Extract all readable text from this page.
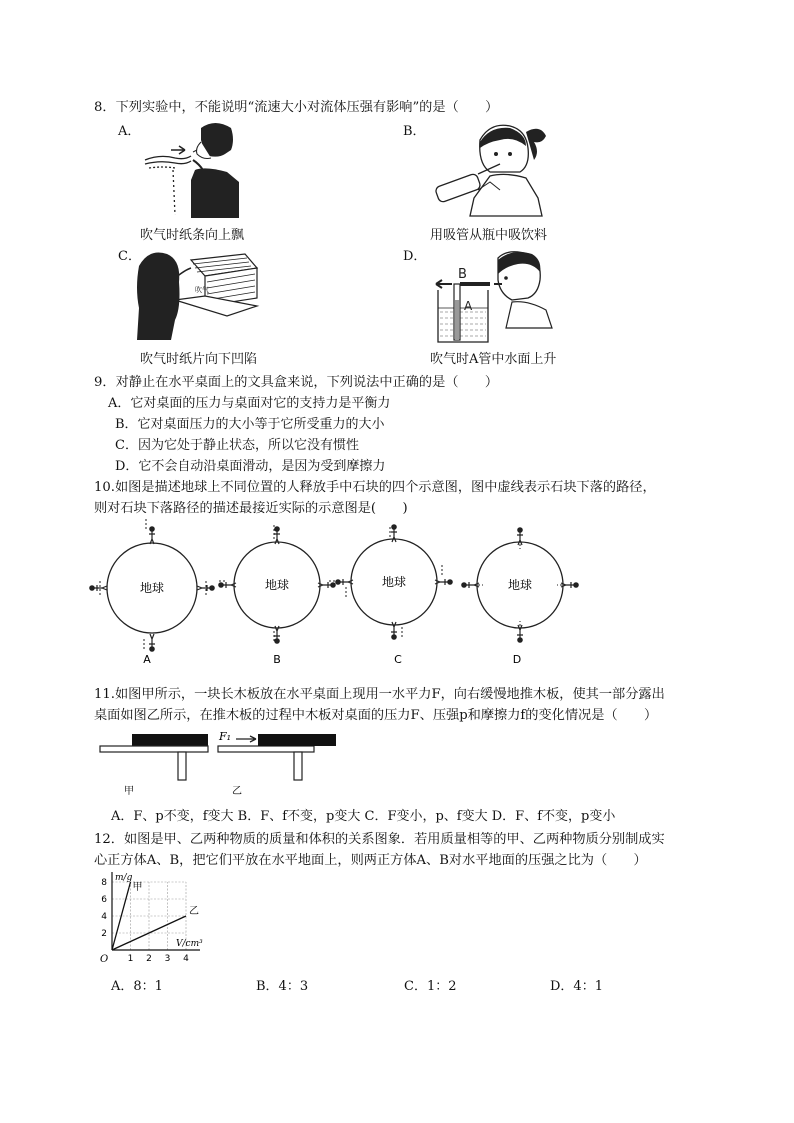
8．下列实验中，不能说明“流速大小对流体压强有影响”的是（　　）
A．	B．
吹气时纸条向上飘	用吸管从瓶中吸饮料
C．	D．
吹气
B
A
吹气时纸片向下凹陷	吹气时A管中水面上升
9．对静止在水平桌面上的文具盒来说，下列说法中正确的是（　　）
A．它对桌面的压力与桌面对它的支持力是平衡力
B．它对桌面压力的大小等于它所受重力的大小
C．因为它处于静止状态，所以它没有惯性
D．它不会自动沿桌面滑动，是因为受到摩擦力
10.如图是描述地球上不同位置的人释放手中石块的四个示意图，图中虚线表示石块下落的路径，
则对石块下落路径的描述最接近实际的示意图是(　　)
地球
A
地球
B
地球
C
地球
D
11.如图甲所示，一块长木板放在水平桌面上现用一水平力F，向右缓慢地推木板，使其一部分露出
桌面如图乙所示，在推木板的过程中木板对桌面的压力F、压强p和摩擦力f的变化情况是（　　）
甲
F₁
乙
A．F、p不变，f变大 B．F、f不变，p变大 C．F变小，p、f变大 D．F、f不变，p变小
12．如图是甲、乙两种物质的质量和体积的关系图象．若用质量相等的甲、乙两种物质分别制成实
心正方体A、B，把它们平放在水平地面上，则两正方体A、B对水平地面的压强之比为（　　）
甲
乙
1 2 3 4
2
4
6
8
O
m/g
V/cm³
A．8：1	B．4：3	C．1：2	D．4：1
